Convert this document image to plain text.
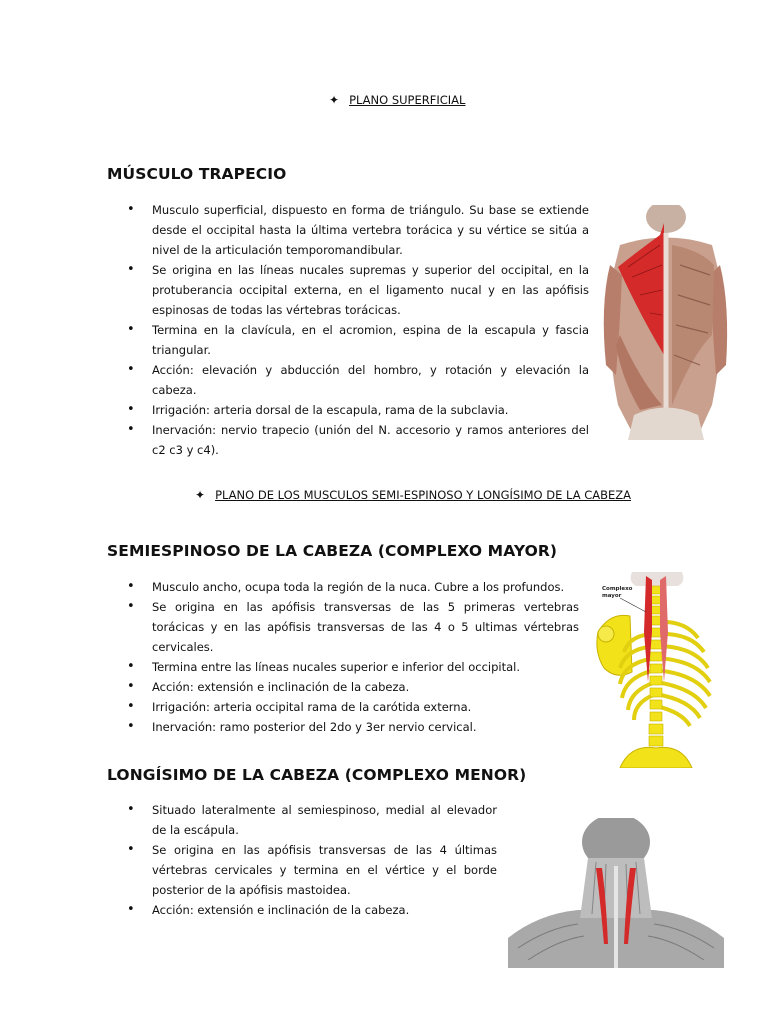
✦ PLANO SUPERFICIAL
MÚSCULO TRAPECIO
• Musculo superficial, dispuesto en forma de triángulo. Su base se extiende desde el occipital hasta la última vertebra torácica y su vértice se sitúa a nivel de la articulación temporomandibular.
• Se origina en las líneas nucales supremas y superior del occipital, en la protuberancia occipital externa, en el ligamento nucal y en las apófisis espinosas de todas las vértebras torácicas.
• Termina en la clavícula, en el acromion, espina de la escapula y fascia triangular.
• Acción: elevación y abducción del hombro, y rotación y elevación la cabeza.
• Irrigación: arteria dorsal de la escapula, rama de la subclavia.
• Inervación: nervio trapecio (unión del N. accesorio y ramos anteriores del c2 c3 y c4).
✦ PLANO DE LOS MUSCULOS SEMI-ESPINOSO Y LONGÍSIMO DE LA CABEZA
SEMIESPINOSO DE LA CABEZA (COMPLEXO MAYOR)
• Musculo ancho, ocupa toda la región de la nuca. Cubre a los profundos.
• Se origina en las apófisis transversas de las 5 primeras vertebras torácicas y en las apófisis transversas de las 4 o 5 ultimas vértebras cervicales.
• Termina entre las líneas nucales superior e inferior del occipital.
• Acción: extensión e inclinación de la cabeza.
• Irrigación: arteria occipital rama de la carótida externa.
• Inervación: ramo posterior del 2do y 3er nervio cervical.
Complexo mayor
LONGÍSIMO DE LA CABEZA (COMPLEXO MENOR)
• Situado lateralmente al semiespinoso, medial al elevador de la escápula.
• Se origina en las apófisis transversas de las 4 últimas vértebras cervicales y termina en el vértice y el borde posterior de la apófisis mastoidea.
• Acción: extensión e inclinación de la cabeza.
